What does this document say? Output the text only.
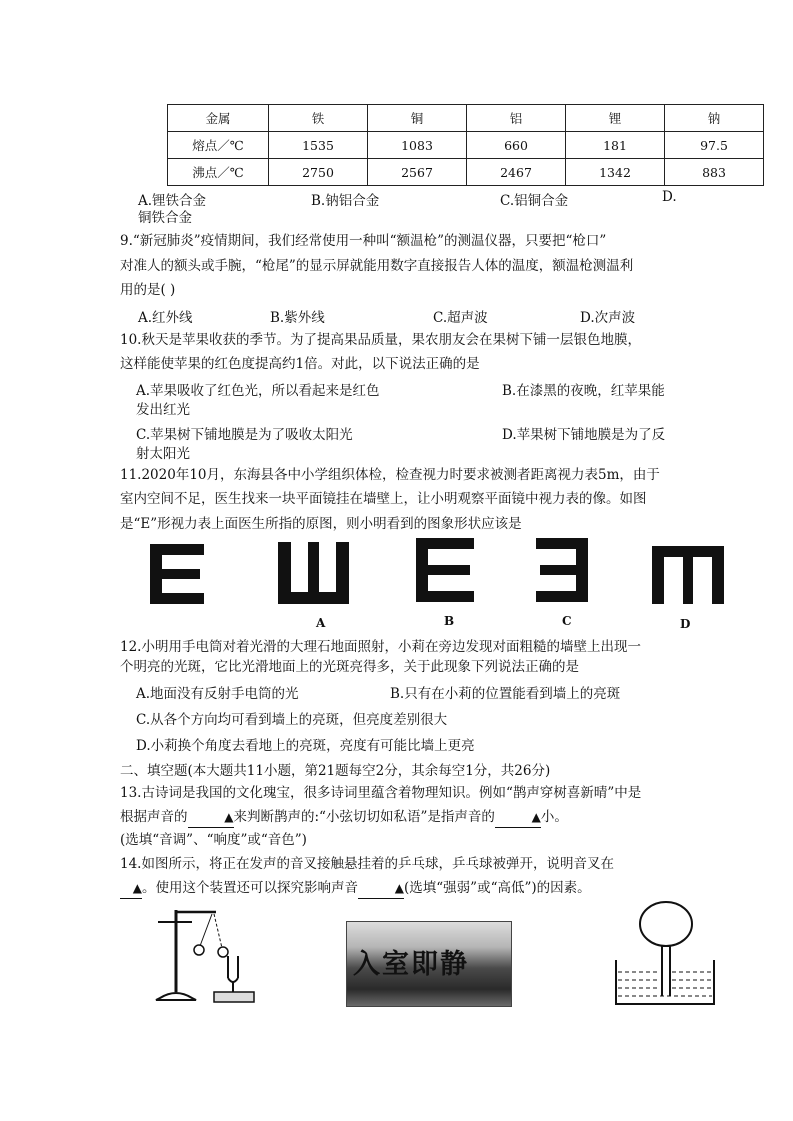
金属	铁	铜	铝	锂	钠
熔点／℃	1535	1083	660	181	97.5
沸点／℃	2750	2567	2467	1342	883
A.锂铁合金	B.钠铝合金	C.铝铜合金	D.
铜铁合金
9.“新冠肺炎”疫情期间，我们经常使用一种叫“额温枪”的测温仪器，只要把“枪口”
对准人的额头或手腕，“枪尾”的显示屏就能用数字直接报告人体的温度，额温枪测温利
用的是( )
A.红外线	B.紫外线	C.超声波	D.次声波
10.秋天是苹果收获的季节。为了提高果品质量，果农朋友会在果树下铺一层银色地膜，
这样能使苹果的红色度提高约1倍。对此，以下说法正确的是
A.苹果吸收了红色光，所以看起来是红色	B.在漆黑的夜晚，红苹果能
发出红光
C.苹果树下铺地膜是为了吸收太阳光	D.苹果树下铺地膜是为了反
射太阳光
11.2020年10月，东海县各中小学组织体检，检查视力时要求被测者距离视力表5m，由于
室内空间不足，医生找来一块平面镜挂在墙壁上，让小明观察平面镜中视力表的像。如图
是“E”形视力表上面医生所指的原图，则小明看到的图象形状应该是
A	B	C	D
12.小明用手电筒对着光滑的大理石地面照射，小莉在旁边发现对面粗糙的墙壁上出现一
个明亮的光斑，它比光滑地面上的光斑亮得多，关于此现象下列说法正确的是
A.地面没有反射手电筒的光	B.只有在小莉的位置能看到墙上的亮斑
C.从各个方向均可看到墙上的亮斑，但亮度差别很大
D.小莉换个角度去看地上的亮斑，亮度有可能比墙上更亮
二、填空题(本大题共11小题，第21题每空2分，其余每空1分，共26分)
13.古诗词是我国的文化瑰宝，很多诗词里蕴含着物理知识。例如“鹊声穿树喜新晴”中是
根据声音的	▲来判断鹊声的:“小弦切切如私语”是指声音的	▲小。
(选填“音调”、“响度”或“音色”)
14.如图所示，将正在发声的音叉接触悬挂着的乒乓球，乒乓球被弹开，说明音叉在
▲。使用这个装置还可以探究影响声音	▲(选填“强弱”或“高低”)的因素。
入室即静
